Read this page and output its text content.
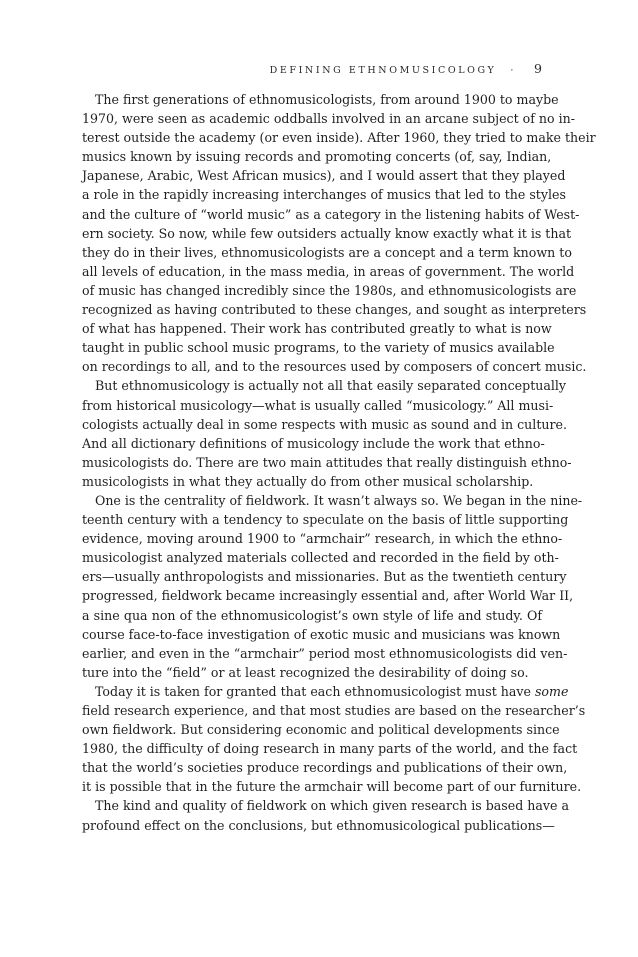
DEFINING ETHNOMUSICOLOGY · 9

The first generations of ethnomusicologists, from around 1900 to maybe
1970, were seen as academic oddballs involved in an arcane subject of no in-
terest outside the academy (or even inside). After 1960, they tried to make their
musics known by issuing records and promoting concerts (of, say, Indian,
Japanese, Arabic, West African musics), and I would assert that they played
a role in the rapidly increasing interchanges of musics that led to the styles
and the culture of “world music” as a category in the listening habits of West-
ern society. So now, while few outsiders actually know exactly what it is that
they do in their lives, ethnomusicologists are a concept and a term known to
all levels of education, in the mass media, in areas of government. The world
of music has changed incredibly since the 1980s, and ethnomusicologists are
recognized as having contributed to these changes, and sought as interpreters
of what has happened. Their work has contributed greatly to what is now
taught in public school music programs, to the variety of musics available
on recordings to all, and to the resources used by composers of concert music.

But ethnomusicology is actually not all that easily separated conceptually
from historical musicology—what is usually called “musicology.” All musi-
cologists actually deal in some respects with music as sound and in culture.
And all dictionary definitions of musicology include the work that ethno-
musicologists do. There are two main attitudes that really distinguish ethno-
musicologists in what they actually do from other musical scholarship.

One is the centrality of fieldwork. It wasn’t always so. We began in the nine-
teenth century with a tendency to speculate on the basis of little supporting
evidence, moving around 1900 to “armchair” research, in which the ethno-
musicologist analyzed materials collected and recorded in the field by oth-
ers—usually anthropologists and missionaries. But as the twentieth century
progressed, fieldwork became increasingly essential and, after World War II,
a sine qua non of the ethnomusicologist’s own style of life and study. Of
course face-to-face investigation of exotic music and musicians was known
earlier, and even in the “armchair” period most ethnomusicologists did ven-
ture into the “field” or at least recognized the desirability of doing so.

Today it is taken for granted that each ethnomusicologist must have some
field research experience, and that most studies are based on the researcher’s
own fieldwork. But considering economic and political developments since
1980, the difficulty of doing research in many parts of the world, and the fact
that the world’s societies produce recordings and publications of their own,
it is possible that in the future the armchair will become part of our furniture.

The kind and quality of fieldwork on which given research is based have a
profound effect on the conclusions, but ethnomusicological publications—
